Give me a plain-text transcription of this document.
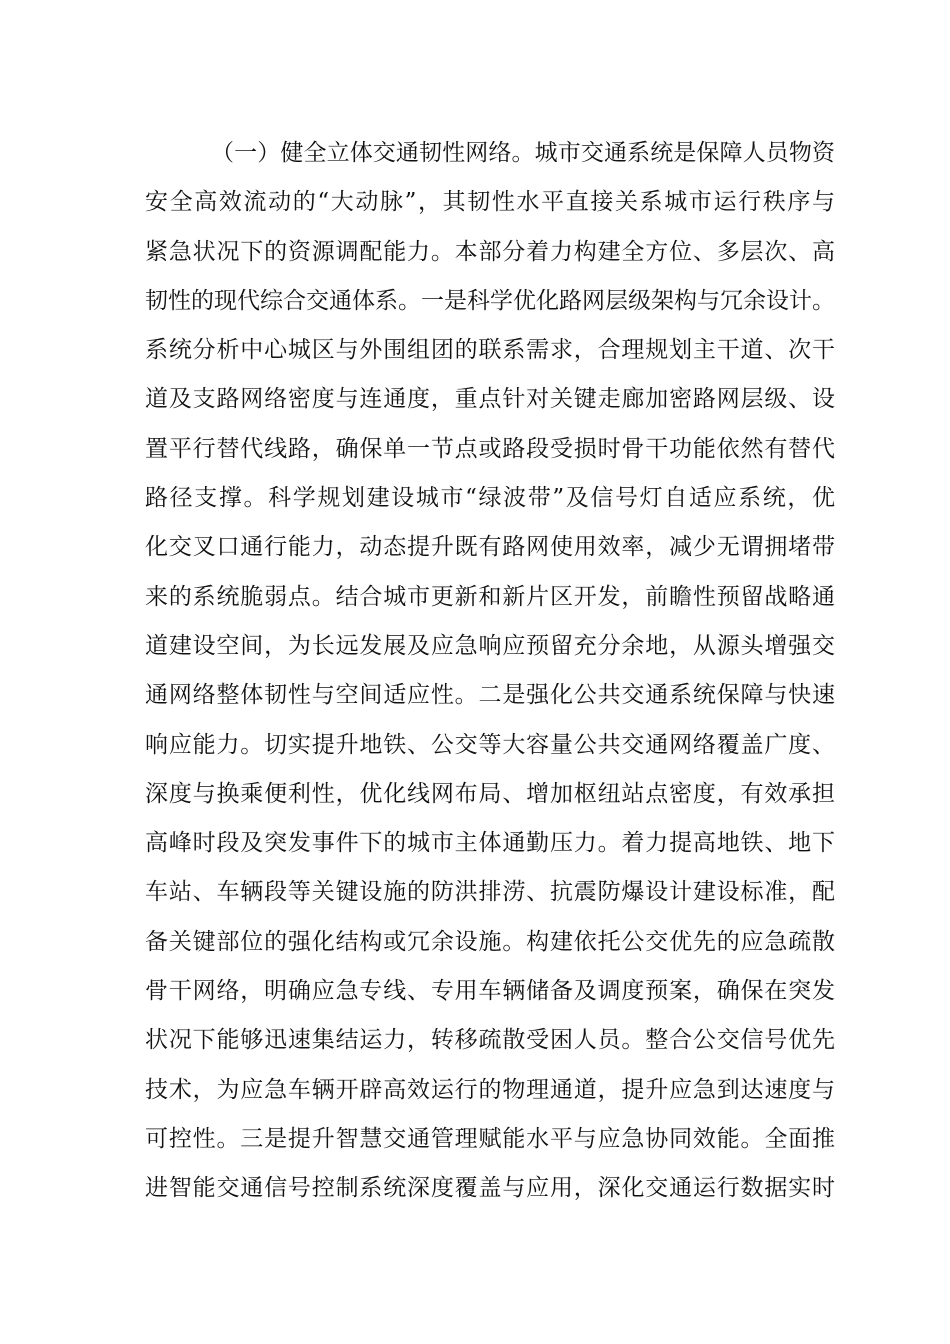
（一）健全立体交通韧性网络。城市交通系统是保障人员物资
安全高效流动的“大动脉”，其韧性水平直接关系城市运行秩序与
紧急状况下的资源调配能力。本部分着力构建全方位、多层次、高
韧性的现代综合交通体系。一是科学优化路网层级架构与冗余设计。
系统分析中心城区与外围组团的联系需求，合理规划主干道、次干
道及支路网络密度与连通度，重点针对关键走廊加密路网层级、设
置平行替代线路，确保单一节点或路段受损时骨干功能依然有替代
路径支撑。科学规划建设城市“绿波带”及信号灯自适应系统，优
化交叉口通行能力，动态提升既有路网使用效率，减少无谓拥堵带
来的系统脆弱点。结合城市更新和新片区开发，前瞻性预留战略通
道建设空间，为长远发展及应急响应预留充分余地，从源头增强交
通网络整体韧性与空间适应性。二是强化公共交通系统保障与快速
响应能力。切实提升地铁、公交等大容量公共交通网络覆盖广度、
深度与换乘便利性，优化线网布局、增加枢纽站点密度，有效承担
高峰时段及突发事件下的城市主体通勤压力。着力提高地铁、地下
车站、车辆段等关键设施的防洪排涝、抗震防爆设计建设标准，配
备关键部位的强化结构或冗余设施。构建依托公交优先的应急疏散
骨干网络，明确应急专线、专用车辆储备及调度预案，确保在突发
状况下能够迅速集结运力，转移疏散受困人员。整合公交信号优先
技术，为应急车辆开辟高效运行的物理通道，提升应急到达速度与
可控性。三是提升智慧交通管理赋能水平与应急协同效能。全面推
进智能交通信号控制系统深度覆盖与应用，深化交通运行数据实时
